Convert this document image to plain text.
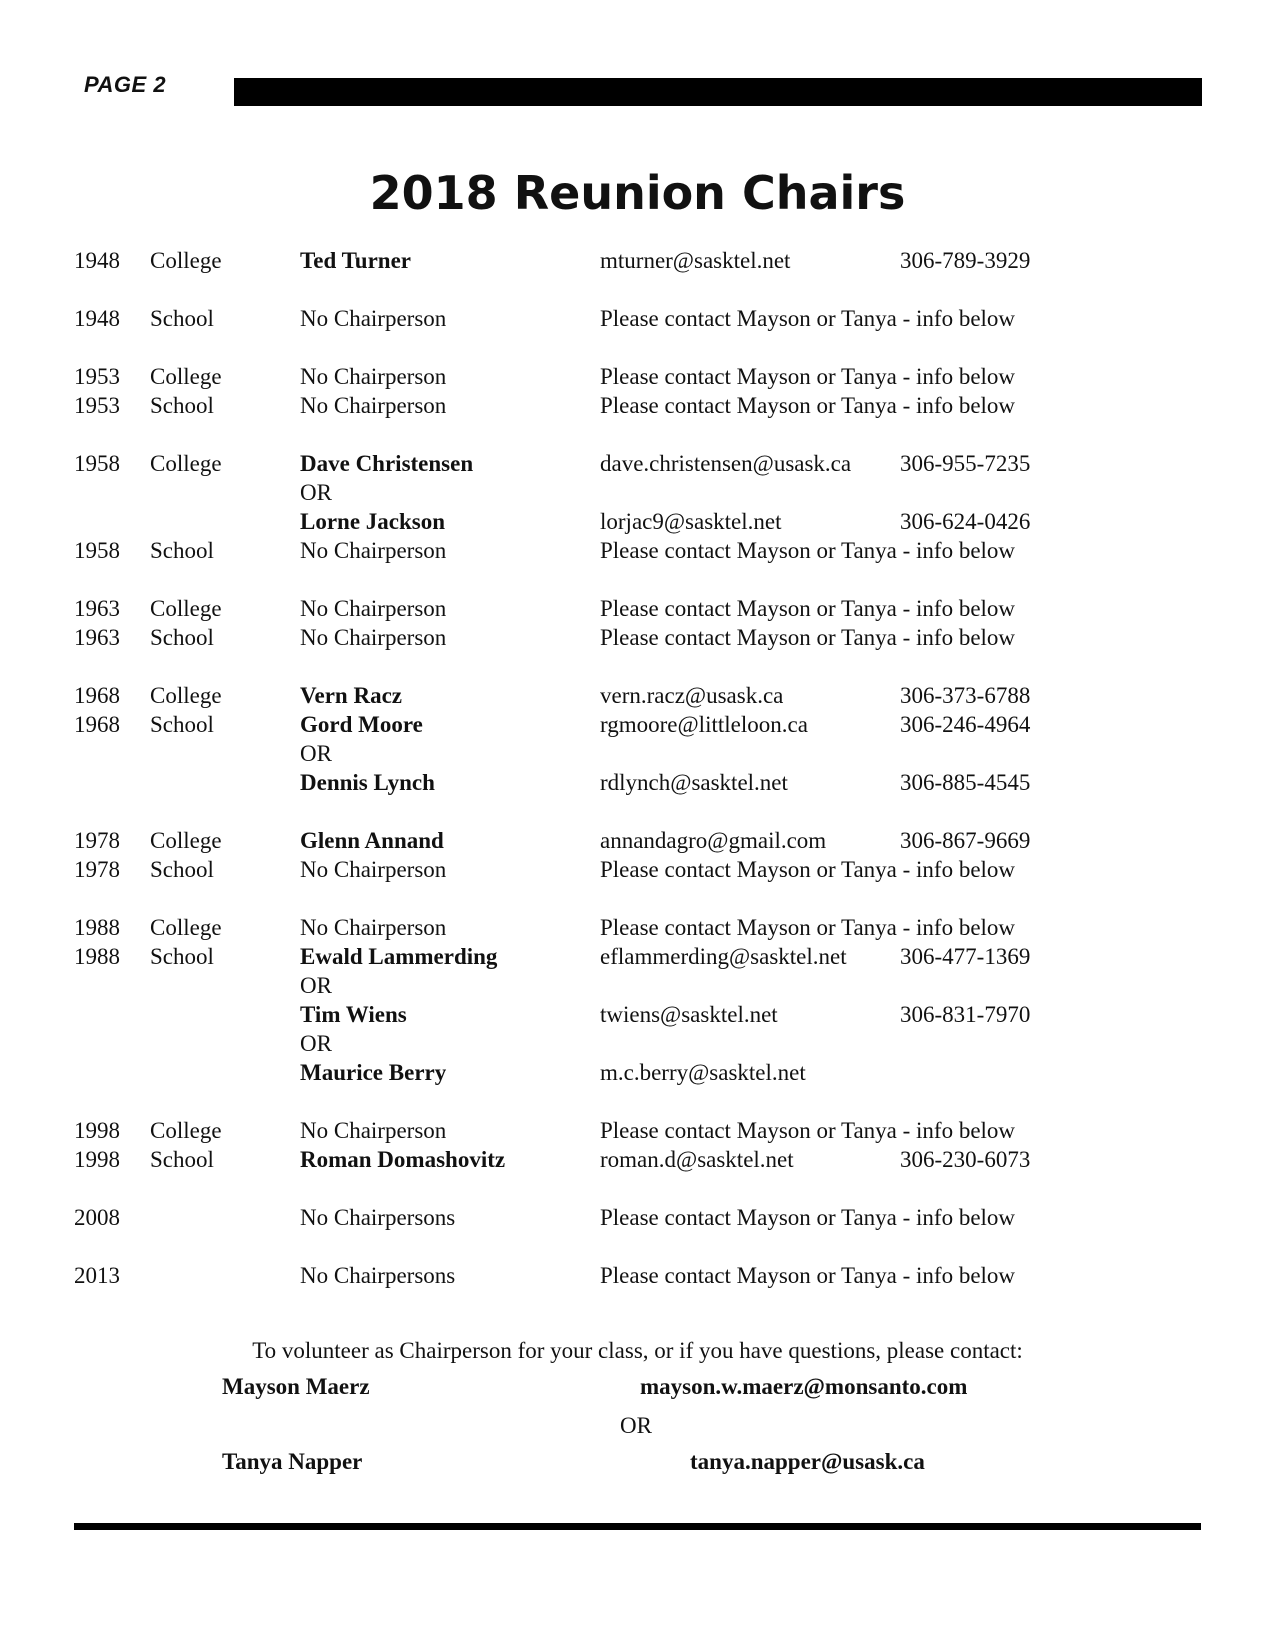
PAGE 2
2018 Reunion Chairs
1948 College	Ted Turner	mturner@sasktel.net	306-789-3929
1948 School	No Chairperson	Please contact Mayson or Tanya - info below
1953 College	No Chairperson	Please contact Mayson or Tanya - info below
1953 School	No Chairperson	Please contact Mayson or Tanya - info below
1958 College	Dave Christensen	dave.christensen@usask.ca 306-955-7235
OR
Lorne Jackson	lorjac9@sasktel.net	306-624-0426
1958 School	No Chairperson	Please contact Mayson or Tanya - info below
1963 College	No Chairperson	Please contact Mayson or Tanya - info below
1963 School	No Chairperson	Please contact Mayson or Tanya - info below
1968 College	Vern Racz	vern.racz@usask.ca	306-373-6788
1968 School	Gord Moore	rgmoore@littleloon.ca	306-246-4964
OR
Dennis Lynch	rdlynch@sasktel.net	306-885-4545
1978 College	Glenn Annand	annandagro@gmail.com	306-867-9669
1978 School	No Chairperson	Please contact Mayson or Tanya - info below
1988 College	No Chairperson	Please contact Mayson or Tanya - info below
1988 School	Ewald Lammerding	eflammerding@sasktel.net 306-477-1369
OR
Tim Wiens	twiens@sasktel.net	306-831-7970
OR
Maurice Berry	m.c.berry@sasktel.net
1998 College	No Chairperson	Please contact Mayson or Tanya - info below
1998 School	Roman Domashovitz	roman.d@sasktel.net	306-230-6073
2008	No Chairpersons	Please contact Mayson or Tanya - info below
2013	No Chairpersons	Please contact Mayson or Tanya - info below
To volunteer as Chairperson for your class, or if you have questions, please contact:
Mayson Maerz	mayson.w.maerz@monsanto.com
OR
Tanya Napper	tanya.napper@usask.ca
